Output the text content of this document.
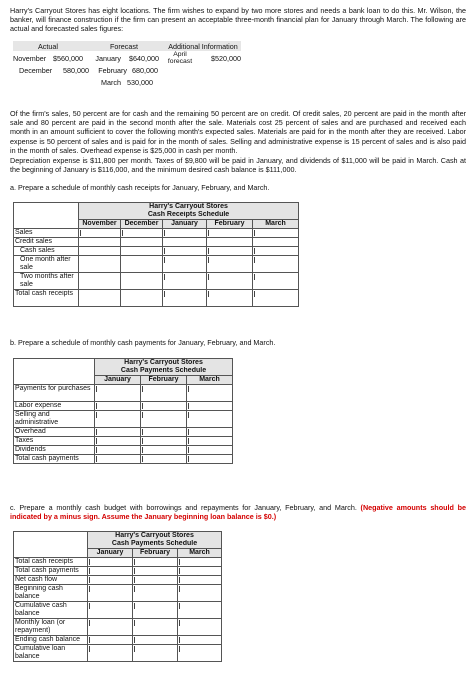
Harry's Carryout Stores has eight locations. The firm wishes to expand by two more stores and needs a bank loan to do this. Mr. Wilson, the banker, will finance construction if the firm can present an acceptable three-month financial plan for January through March. The following are actual and forecasted sales figures:

Actual	Forecast	Additional Information
November $560,000	January	$640,000	April forecast	$520,000
December	580,000	February 680,000
March 530,000

Of the firm's sales, 50 percent are for cash and the remaining 50 percent are on credit. Of credit sales, 20 percent are paid in the month after sale and 80 percent are paid in the second month after the sale. Materials cost 25 percent of sales and are purchased and received each month in an amount sufficient to cover the following month's expected sales. Materials are paid for in the month after they are received. Labor expense is 50 percent of sales and is paid for in the month of sales. Selling and administrative expense is 15 percent of sales and is also paid in the month of sales. Overhead expense is $25,000 in cash per month.

Depreciation expense is $11,800 per month. Taxes of $9,800 will be paid in January, and dividends of $11,000 will be paid in March. Cash at the beginning of January is $116,000, and the minimum desired cash balance is $111,000.

a. Prepare a schedule of monthly cash receipts for January, February, and March.

	Harry's Carryout Stores				
	Cash Receipts Schedule				
	November	December	January	February	March
Sales					
Credit sales					
Cash sales					
One month after sale					
Two months after sale					
Total cash receipts					

b. Prepare a schedule of monthly cash payments for January, February, and March.

	Harry's Carryout Stores		
	Cash Payments Schedule		
	January	February	March
Payments for purchases			
Labor expense			
Selling and administrative			
Overhead			
Taxes			
Dividends			
Total cash payments			

c. Prepare a monthly cash budget with borrowings and repayments for January, February, and March. (Negative amounts should be indicated by a minus sign. Assume the January beginning loan balance is $0.)

	Harry's Carryout Stores		
	Cash Payments Schedule		
	January	February	March
Total cash receipts			
Total cash payments			
Net cash flow			
Beginning cash balance			
Cumulative cash balance			
Monthly loan (or repayment)			
Ending cash balance			
Cumulative loan balance			
